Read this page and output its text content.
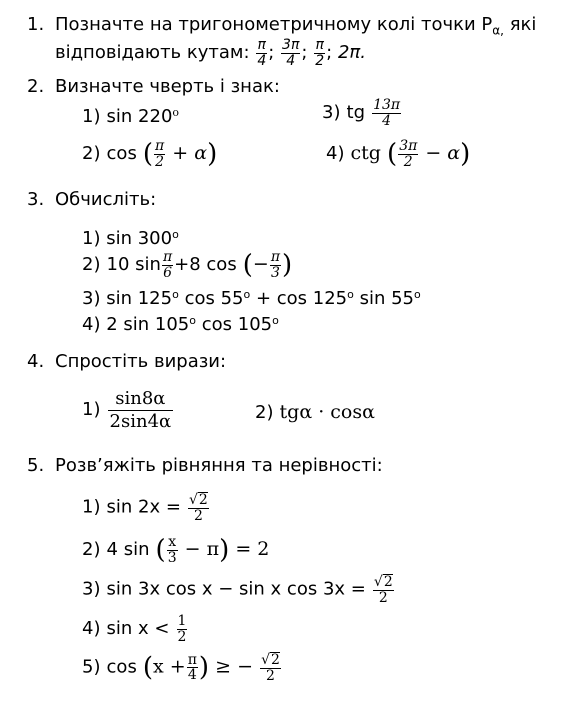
1. Позначте на тригонометричному колі точки $P_{\alpha,}$ які
відповідають кутам: $\frac{\pi}{4}$ ; $\frac{3\pi}{4}$ ; $\frac{\pi}{2}$ ; 2π.
2. Визначте чверть і знак:
1) sin 220$^o$	3) tg $\frac{13\pi}{4}$
2) cos ( $\frac{\pi}{2} + \alpha$)	4) ctg ( $\frac{3\pi}{2} - \alpha$)
3. Обчисліть:
1) sin 300$^o$
2) 10 $\sin \frac{\pi}{6} +8$ cos (− $\frac{\pi}{3}$ )
3) sin 125$^o$ $\cos 55^o + \cos 125^o$ sin 55$^o$
4) 2 sin 105$^o$ cos 105$^o$
4. Спростіть вирази:
$1) \frac{\sin 8\alpha}{2\sin 4\alpha}$	2) tgα · cosα
5. Розв’яжіть рівняння та нерівності:
1) sin 2x = √ $\frac{2}{2}$
2) 4 sin ( $\frac{x}{3} - \pi) = 2$
3) sin 3x cos x − sin x cos 3x = √ $\frac{2}{2}$
4) $\sin x < \frac{1}{2}$
5) $\cos (x + \frac{\pi}{4}$ ) ≥ − √ $\frac{2}{2}$
